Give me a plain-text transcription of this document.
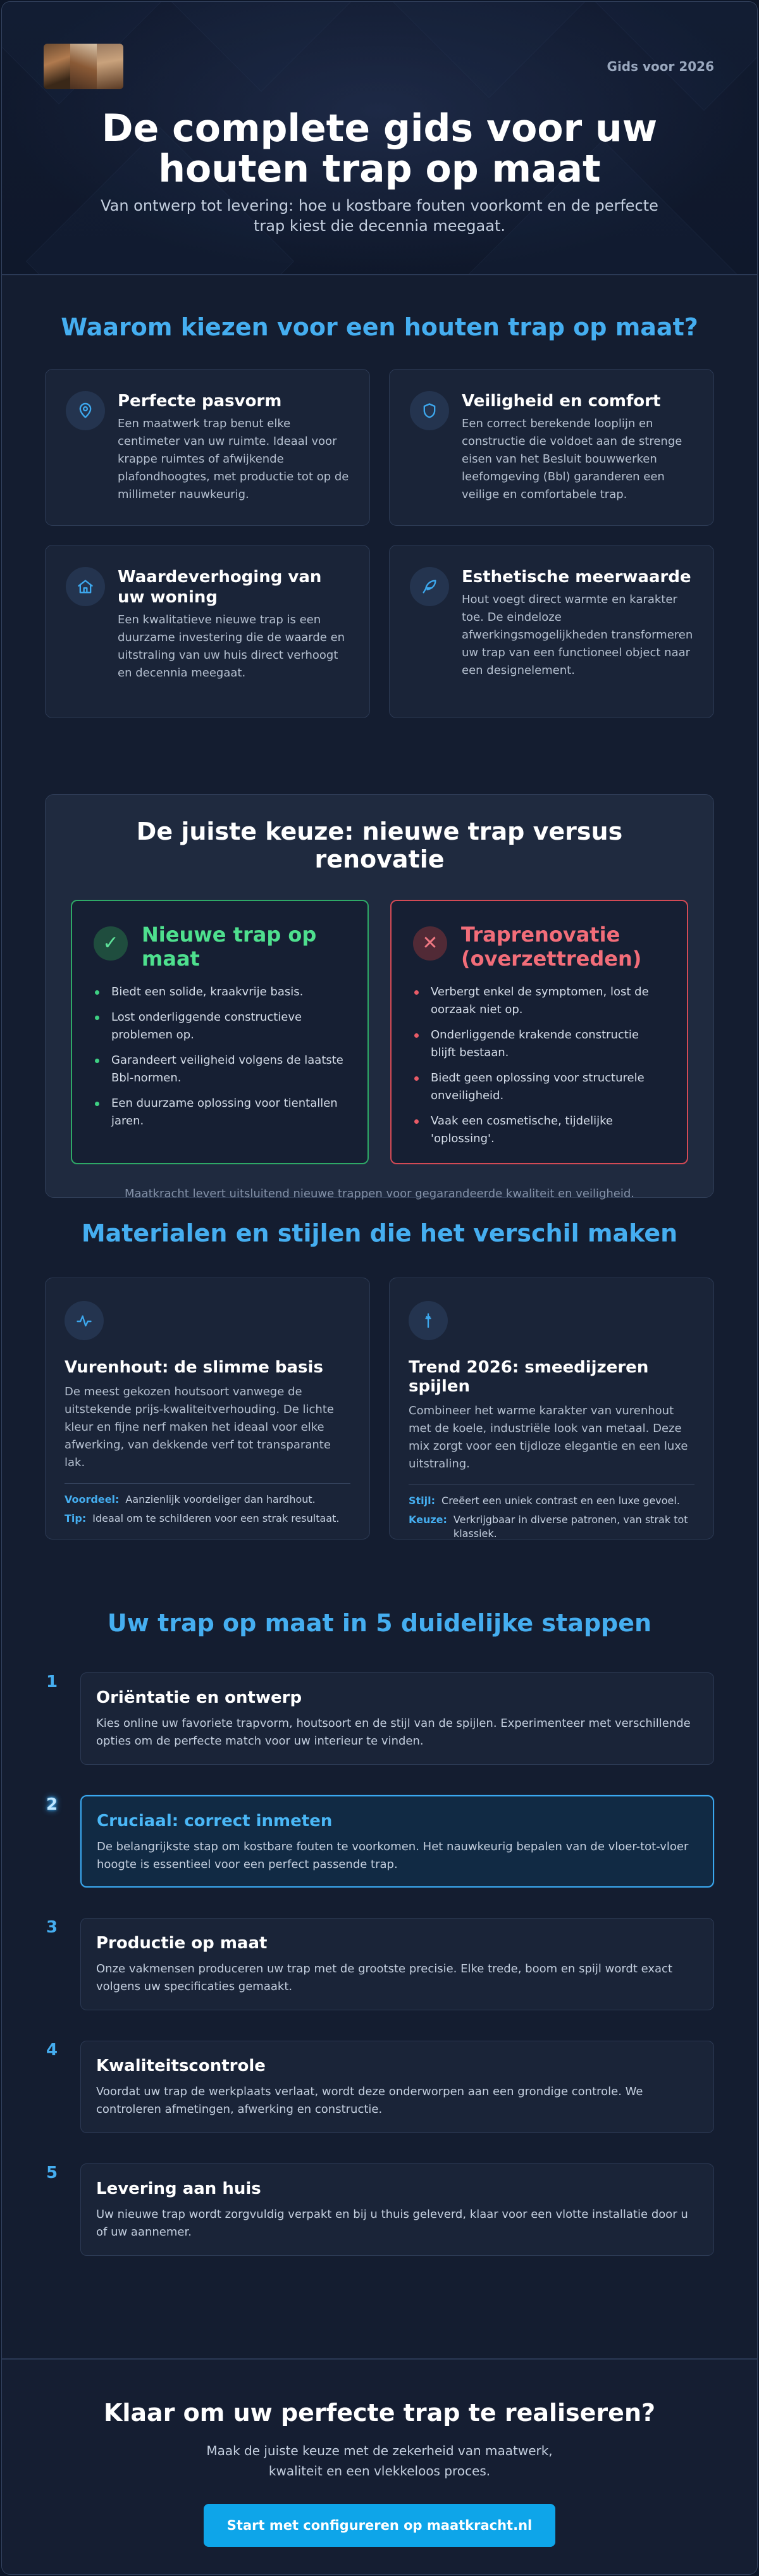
Gids voor 2026
De complete gids voor uw houten trap op maat

Van ontwerp tot levering: hoe u kostbare fouten voorkomt en de perfecte trap kiest die decennia meegaat.

Waarom kiezen voor een houten trap op maat?
Perfecte pasvorm

Een maatwerk trap benut elke centimeter van uw ruimte. Ideaal voor krappe ruimtes of afwijkende plafondhoogtes, met productie tot op de millimeter nauwkeurig.

Veiligheid en comfort

Een correct berekende looplijn en constructie die voldoet aan de strenge eisen van het Besluit bouwwerken leefomgeving (Bbl) garanderen een veilige en comfortabele trap.

Waardeverhoging van uw woning

Een kwalitatieve nieuwe trap is een duurzame investering die de waarde en uitstraling van uw huis direct verhoogt en decennia meegaat.

Esthetische meerwaarde

Hout voegt direct warmte en karakter toe. De eindeloze afwerkingsmogelijkheden transformeren uw trap van een functioneel object naar een designelement.

De juiste keuze: nieuwe trap versus renovatie
✓ Nieuwe trap op maat
Biedt een solide, kraakvrije basis.
Lost onderliggende constructieve problemen op.
Garandeert veiligheid volgens de laatste Bbl-normen.
Een duurzame oplossing voor tientallen jaren.
✕ Traprenovatie (overzettreden)
Verbergt enkel de symptomen, lost de oorzaak niet op.
Onderliggende krakende constructie blijft bestaan.
Biedt geen oplossing voor structurele onveiligheid.
Vaak een cosmetische, tijdelijke 'oplossing'.

Maatkracht levert uitsluitend nieuwe trappen voor gegarandeerde kwaliteit en veiligheid.

Materialen en stijlen die het verschil maken
Vurenhout: de slimme basis

De meest gekozen houtsoort vanwege de uitstekende prijs-kwaliteitverhouding. De lichte kleur en fijne nerf maken het ideaal voor elke afwerking, van dekkende verf tot transparante lak.

Voordeel: Aanzienlijk voordeliger dan hardhout.
Tip: Ideaal om te schilderen voor een strak resultaat.
Trend 2026: smeedijzeren spijlen

Combineer het warme karakter van vurenhout met de koele, industriële look van metaal. Deze mix zorgt voor een tijdloze elegantie en een luxe uitstraling.

Stijl: Creëert een uniek contrast en een luxe gevoel.
Keuze: Verkrijgbaar in diverse patronen, van strak tot klassiek.
Uw trap op maat in 5 duidelijke stappen
1
Oriëntatie en ontwerp

Kies online uw favoriete trapvorm, houtsoort en de stijl van de spijlen. Experimenteer met verschillende opties om de perfecte match voor uw interieur te vinden.

2
Cruciaal: correct inmeten

De belangrijkste stap om kostbare fouten te voorkomen. Het nauwkeurig bepalen van de vloer-tot-vloer hoogte is essentieel voor een perfect passende trap.

3
Productie op maat

Onze vakmensen produceren uw trap met de grootste precisie. Elke trede, boom en spijl wordt exact volgens uw specificaties gemaakt.

4
Kwaliteitscontrole

Voordat uw trap de werkplaats verlaat, wordt deze onderworpen aan een grondige controle. We controleren afmetingen, afwerking en constructie.

5
Levering aan huis

Uw nieuwe trap wordt zorgvuldig verpakt en bij u thuis geleverd, klaar voor een vlotte installatie door u of uw aannemer.

Klaar om uw perfecte trap te realiseren?

Maak de juiste keuze met de zekerheid van maatwerk, kwaliteit en een vlekkeloos proces.

Start met configureren op maatkracht.nl
